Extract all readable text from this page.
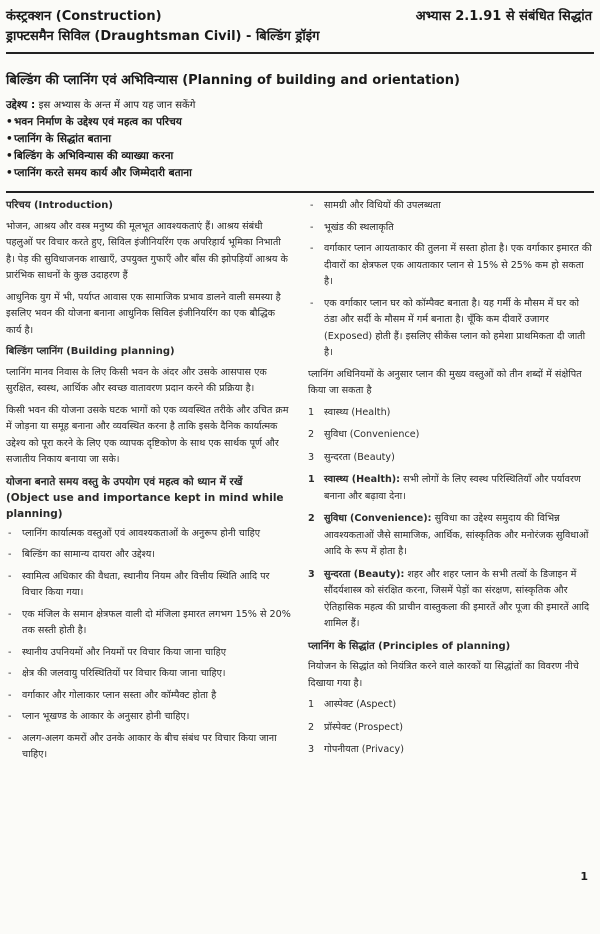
कंस्ट्रक्शन (Construction)
ड्राफ्टसमैन सिविल (Draughtsman Civil) - बिल्डिंग ड्रॉइंग
अभ्यास 2.1.91 से संबंधित सिद्धांत
बिल्डिंग की प्लानिंग एवं अभिविन्यास (Planning of building and orientation)
उद्देश्य : इस अभ्यास के अन्त में आप यह जान सकेंगे
• भवन निर्माण के उद्देश्य एवं महत्व का परिचय
• प्लानिंग के सिद्धांत बताना
• बिल्डिंग के अभिविन्यास की व्याख्या करना
• प्लानिंग करते समय कार्य और जिम्मेदारी बताना
परिचय (Introduction)

भोजन, आश्रय और वस्त्र मनुष्य की मूलभूत आवश्यकताएं हैं। आश्रय संबंधी पहलुओं पर विचार करते हुए, सिविल इंजीनियरिंग एक अपरिहार्य भूमिका निभाती है। पेड़ की सुविधाजनक शाखाएँ, उपयुक्त गुफाएँ और बाँस की झोपड़ियाँ आश्रय के प्रारंभिक साधनों के कुछ उदाहरण हैं

आधुनिक युग में भी, पर्याप्त आवास एक सामाजिक प्रभाव डालने वाली समस्या है इसलिए भवन की योजना बनाना आधुनिक सिविल इंजीनियरिंग का एक बौद्धिक कार्य है।

बिल्डिंग प्लानिंग (Building planning)

प्लानिंग मानव निवास के लिए किसी भवन के अंदर और उसके आसपास एक सुरक्षित, स्वस्थ, आर्थिक और स्वच्छ वातावरण प्रदान करने की प्रक्रिया है।

किसी भवन की योजना उसके घटक भागों को एक व्यवस्थित तरीके और उचित क्रम में जोड़ना या समूह बनाना और व्यवस्थित करना है ताकि इसके दैनिक कार्यात्मक उद्देश्य को पूरा करने के लिए एक व्यापक दृष्टिकोण के साथ एक सार्थक पूर्ण और सजातीय निकाय बनाया जा सके।

योजना बनाते समय वस्तु के उपयोग एवं महत्व को ध्यान में रखें
(Object use and importance kept in mind while planning)
- प्लानिंग कार्यात्मक वस्तुओं एवं आवश्यकताओं के अनुरूप होनी चाहिए
- बिल्डिंग का सामान्य दायरा और उद्देश्य।
- स्वामित्व अधिकार की वैधता, स्थानीय नियम और वित्तीय स्थिति आदि पर विचार किया गया।
- एक मंजिल के समान क्षेत्रफल वाली दो मंजिला इमारत लगभग 15% से 20% तक सस्ती होती है।
- स्थानीय उपनियमों और नियमों पर विचार किया जाना चाहिए
- क्षेत्र की जलवायु परिस्थितियों पर विचार किया जाना चाहिए।
- वर्गाकार और गोलाकार प्लान सस्ता और कॉम्पैक्ट होता है
- प्लान भूखण्ड के आकार के अनुसार होनी चाहिए।
- अलग-अलग कमरों और उनके आकार के बीच संबंध पर विचार किया जाना चाहिए।
- सामग्री और विधियों की उपलब्धता
- भूखंड की स्थलाकृति
- वर्गाकार प्लान आयताकार की तुलना में सस्ता होता है। एक वर्गाकार इमारत की दीवारों का क्षेत्रफल एक आयताकार प्लान से 15% से 25% कम हो सकता है।
- एक वर्गाकार प्लान घर को कॉम्पैक्ट बनाता है। यह गर्मी के मौसम में घर को ठंडा और सर्दी के मौसम में गर्म बनाता है। चूँकि कम दीवारें उजागर (Exposed) होती हैं। इसलिए सीकेंस प्लान को हमेशा प्राथमिकता दी जाती है।

प्लानिंग अधिनियमों के अनुसार प्लान की मुख्य वस्तुओं को तीन शब्दों में संक्षेपित किया जा सकता है

1 स्वास्थ्य (Health)
2 सुविधा (Convenience)
3 सुन्दरता (Beauty)
1 स्वास्थ्य (Health): सभी लोगों के लिए स्वस्थ परिस्थितियाँ और पर्यावरण बनाना और बढ़ावा देना।
2 सुविधा (Convenience): सुविधा का उद्देश्य समुदाय की विभिन्न आवश्यकताओं जैसे सामाजिक, आर्थिक, सांस्कृतिक और मनोरंजक सुविधाओं आदि के रूप में होता है।
3 सुन्दरता (Beauty): शहर और शहर प्लान के सभी तत्वों के डिजाइन में सौंदर्यशास्त्र को संरक्षित करना, जिसमें पेड़ों का संरक्षण, सांस्कृतिक और ऐतिहासिक महत्व की प्राचीन वास्तुकला की इमारतें और पूजा की इमारतें आदि शामिल हैं।
प्लानिंग के सिद्धांत (Principles of planning)

नियोजन के सिद्धांत को नियंत्रित करने वाले कारकों या सिद्धांतों का विवरण नीचे दिखाया गया है।

1 आस्पेक्ट (Aspect)
2 प्रॉस्पेक्ट (Prospect)
3 गोपनीयता (Privacy)
1
